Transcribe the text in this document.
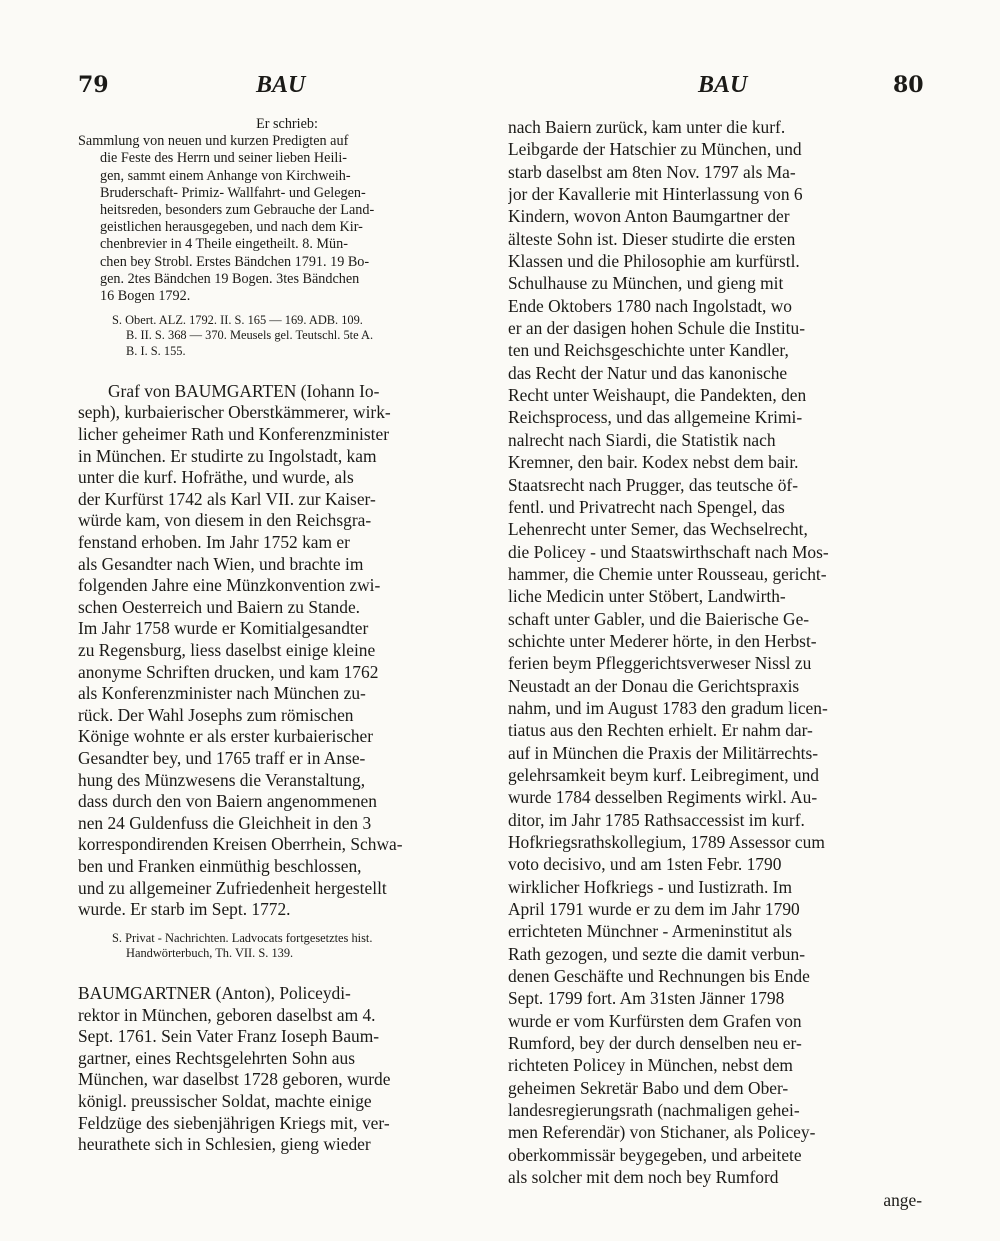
79	BAU	BAU	80
Er schrieb:
Sammlung von neuen und kurzen Predigten auf
die Feste des Herrn und seiner lieben Heili-
gen, sammt einem Anhange von Kirchweih-
Bruderschaft- Primiz- Wallfahrt- und Gelegen-
heitsreden, besonders zum Gebrauche der Land-
geistlichen herausgegeben, und nach dem Kir-
chenbrevier in 4 Theile eingetheilt. 8. Mün-
chen bey Strobl. Erstes Bändchen 1791. 19 Bo-
gen. 2tes Bändchen 19 Bogen. 3tes Bändchen
16 Bogen 1792.
S. Obert. ALZ. 1792. II. S. 165 — 169. ADB. 109.
B. II. S. 368 — 370. Meusels gel. Teutschl. 5te A.
B. I. S. 155.
Graf von BAUMGARTEN (Iohann Io-
seph), kurbaierischer Oberstkämmerer, wirk-
licher geheimer Rath und Konferenzminister
in München. Er studirte zu Ingolstadt, kam
unter die kurf. Hofräthe, und wurde, als
der Kurfürst 1742 als Karl VII. zur Kaiser-
würde kam, von diesem in den Reichsgra-
fenstand erhoben. Im Jahr 1752 kam er
als Gesandter nach Wien, und brachte im
folgenden Jahre eine Münzkonvention zwi-
schen Oesterreich und Baiern zu Stande.
Im Jahr 1758 wurde er Komitialgesandter
zu Regensburg, liess daselbst einige kleine
anonyme Schriften drucken, und kam 1762
als Konferenzminister nach München zu-
rück. Der Wahl Josephs zum römischen
Könige wohnte er als erster kurbaierischer
Gesandter bey, und 1765 traff er in Anse-
hung des Münzwesens die Veranstaltung,
dass durch den von Baiern angenommenen
nen 24 Guldenfuss die Gleichheit in den 3
korrespondirenden Kreisen Oberrhein, Schwa-
ben und Franken einmüthig beschlossen,
und zu allgemeiner Zufriedenheit hergestellt
wurde. Er starb im Sept. 1772.
S. Privat - Nachrichten. Ladvocats fortgesetztes hist.
Handwörterbuch, Th. VII. S. 139.
BAUMGARTNER (Anton), Policeydi-
rektor in München, geboren daselbst am 4.
Sept. 1761. Sein Vater Franz Ioseph Baum-
gartner, eines Rechtsgelehrten Sohn aus
München, war daselbst 1728 geboren, wurde
königl. preussischer Soldat, machte einige
Feldzüge des siebenjährigen Kriegs mit, ver-
heurathete sich in Schlesien, gieng wieder
nach Baiern zurück, kam unter die kurf.
Leibgarde der Hatschier zu München, und
starb daselbst am 8ten Nov. 1797 als Ma-
jor der Kavallerie mit Hinterlassung von 6
Kindern, wovon Anton Baumgartner der
älteste Sohn ist. Dieser studirte die ersten
Klassen und die Philosophie am kurfürstl.
Schulhause zu München, und gieng mit
Ende Oktobers 1780 nach Ingolstadt, wo
er an der dasigen hohen Schule die Institu-
ten und Reichsgeschichte unter Kandler,
das Recht der Natur und das kanonische
Recht unter Weishaupt, die Pandekten, den
Reichsprocess, und das allgemeine Krimi-
nalrecht nach Siardi, die Statistik nach
Kremner, den bair. Kodex nebst dem bair.
Staatsrecht nach Prugger, das teutsche öf-
fentl. und Privatrecht nach Spengel, das
Lehenrecht unter Semer, das Wechselrecht,
die Policey - und Staatswirthschaft nach Mos-
hammer, die Chemie unter Rousseau, gericht-
liche Medicin unter Stöbert, Landwirth-
schaft unter Gabler, und die Baierische Ge-
schichte unter Mederer hörte, in den Herbst-
ferien beym Pfleggerichtsverweser Nissl zu
Neustadt an der Donau die Gerichtspraxis
nahm, und im August 1783 den gradum licen-
tiatus aus den Rechten erhielt. Er nahm dar-
auf in München die Praxis der Militärrechts-
gelehrsamkeit beym kurf. Leibregiment, und
wurde 1784 desselben Regiments wirkl. Au-
ditor, im Jahr 1785 Rathsaccessist im kurf.
Hofkriegsrathskollegium, 1789 Assessor cum
voto decisivo, und am 1sten Febr. 1790
wirklicher Hofkriegs - und Iustizrath. Im
April 1791 wurde er zu dem im Jahr 1790
errichteten Münchner - Armeninstitut als
Rath gezogen, und sezte die damit verbun-
denen Geschäfte und Rechnungen bis Ende
Sept. 1799 fort. Am 31sten Jänner 1798
wurde er vom Kurfürsten dem Grafen von
Rumford, bey der durch denselben neu er-
richteten Policey in München, nebst dem
geheimen Sekretär Babo und dem Ober-
landesregierungsrath (nachmaligen gehei-
men Referendär) von Stichaner, als Policey-
oberkommissär beygegeben, und arbeitete
als solcher mit dem noch bey Rumford
ange-
